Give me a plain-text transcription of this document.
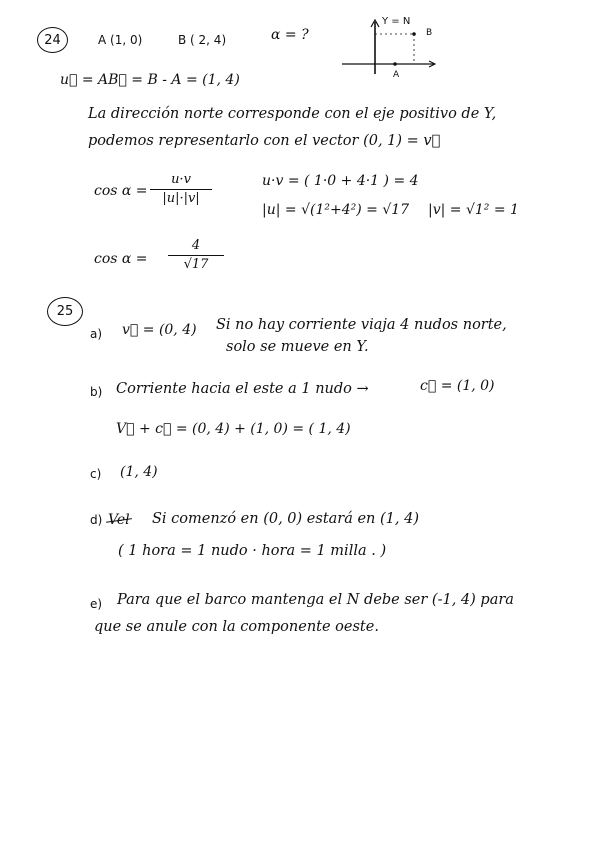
24	A (1, 0)	B ( 2, 4)	α = ?
Y = N
B
A
u⃗ = AB⃗ = B - A = (1, 4)
La dirección norte corresponde con el eje positivo de Y,
podemos representarlo con el vector (0, 1) = v⃗
cos α =
u·v
|u|·|v|
u·v = ( 1·0 + 4·1 ) = 4
|u| = √(1²+4²) = √17 |v| = √1² = 1
cos α =
4
√17
25
a) v⃗ = (0, 4) Si no hay corriente viaja 4 nudos norte,
solo se mueve en Y.
b) Corriente hacia el este a 1 nudo →	c⃗ = (1, 0)
V⃗ + c⃗ = (0, 4) + (1, 0) = ( 1, 4)
c) (1, 4)
d) Vel Si comenzó en (0, 0) estará en (1, 4)
( 1 hora = 1 nudo · hora = 1 milla . )
e) Para que el barco mantenga el N debe ser (-1, 4) para
que se anule con la componente oeste.
